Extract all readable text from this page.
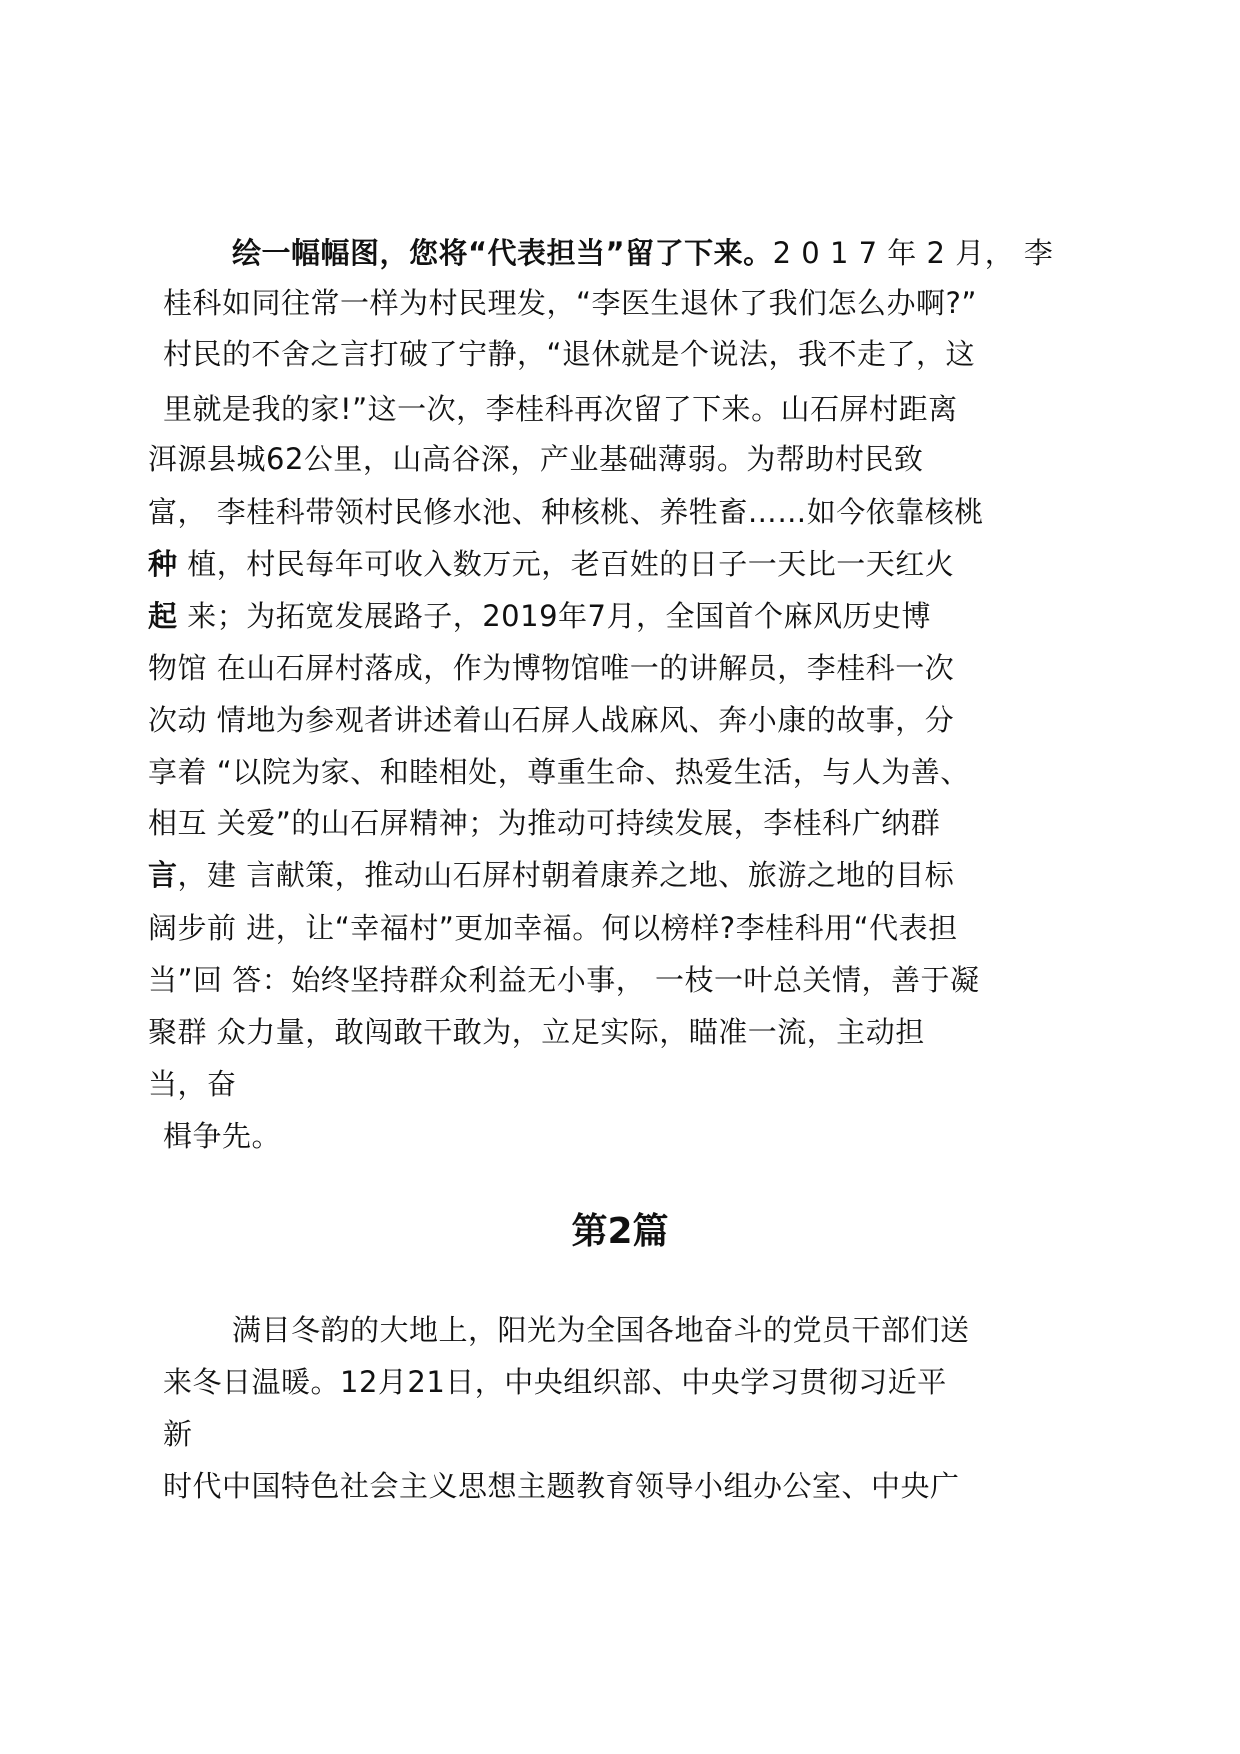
绘一幅幅图，您将“代表担当”留了下来。2 0 1 7 年 2 月， 李
桂科如同往常一样为村民理发，“李医生退休了我们怎么办啊?”
村民的不舍之言打破了宁静，“退休就是个说法，我不走了，这
里就是我的家!”这一次，李桂科再次留了下来。山石屏村距离
洱源县城62公里，山高谷深，产业基础薄弱。为帮助村民致
富， 李桂科带领村民修水池、种核桃、养牲畜……如今依靠核桃
种 植，村民每年可收入数万元，老百姓的日子一天比一天红火
起 来；为拓宽发展路子，2019年7月，全国首个麻风历史博
物馆 在山石屏村落成，作为博物馆唯一的讲解员，李桂科一次
次动 情地为参观者讲述着山石屏人战麻风、奔小康的故事，分
享着 “以院为家、和睦相处，尊重生命、热爱生活，与人为善、
相互 关爱”的山石屏精神；为推动可持续发展，李桂科广纳群
言，建 言献策，推动山石屏村朝着康养之地、旅游之地的目标
阔步前 进，让“幸福村”更加幸福。何以榜样?李桂科用“代表担
当”回 答：始终坚持群众利益无小事， 一枝一叶总关情，善于凝
聚群 众力量，敢闯敢干敢为，立足实际，瞄准一流，主动担
当，奋
楫争先。
第2篇
满目冬韵的大地上，阳光为全国各地奋斗的党员干部们送
来冬日温暖。12月21日，中央组织部、中央学习贯彻习近平
新
时代中国特色社会主义思想主题教育领导小组办公室、中央广
